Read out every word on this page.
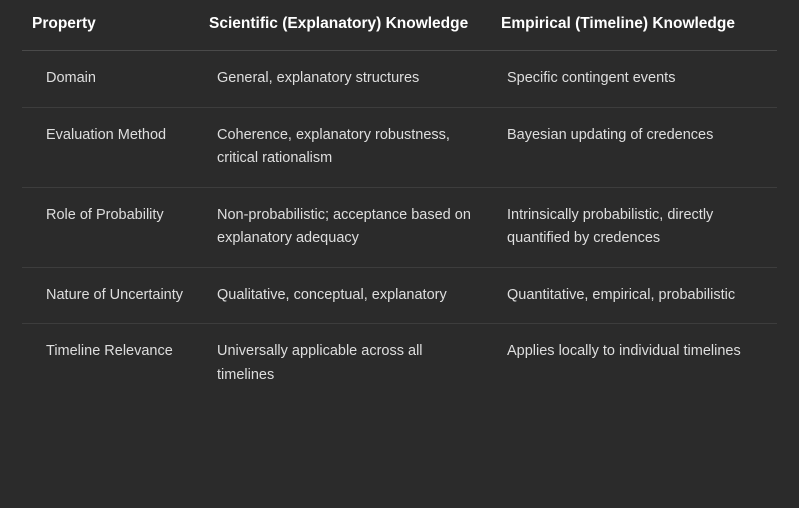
Property	Scientific (Explanatory) Knowledge	Empirical (Timeline) Knowledge
Domain	General, explanatory structures	Specific contingent events
Evaluation Method	Coherence, explanatory robustness, critical rationalism	Bayesian updating of credences
Role of Probability	Non-probabilistic; acceptance based on explanatory adequacy	Intrinsically probabilistic, directly quantified by credences
Nature of Uncertainty	Qualitative, conceptual, explanatory	Quantitative, empirical, probabilistic
Timeline Relevance	Universally applicable across all timelines	Applies locally to individual timelines
